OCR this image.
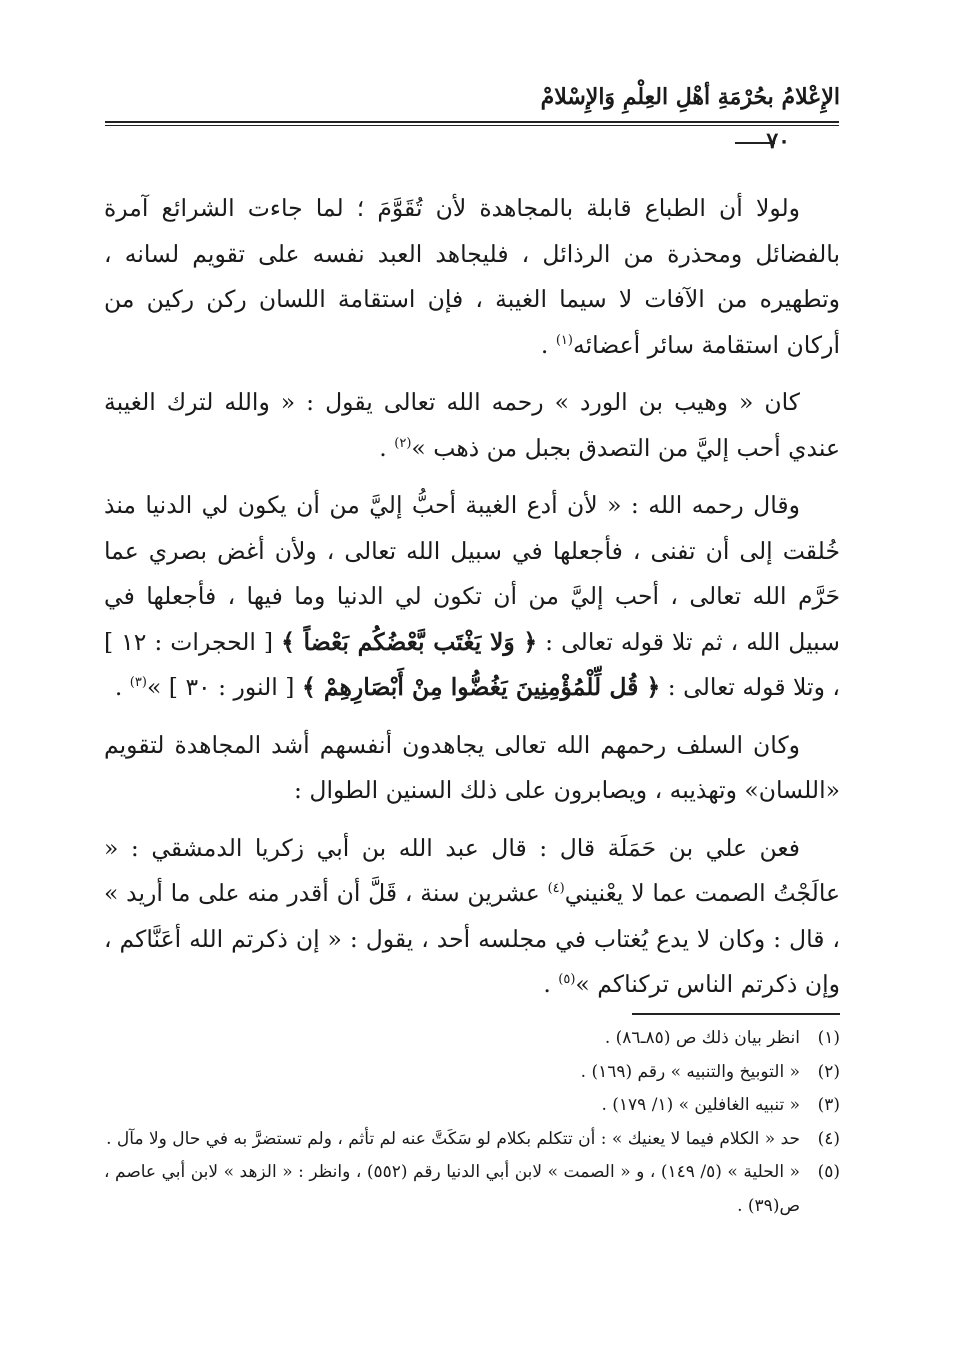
الإِعْلامُ بحُرْمَةِ أهْلِ العِلْمِ وَالإِسْلامْ
٧٠

ولولا أن الطباع قابلة بالمجاهدة لأن تُقَوَّمَ ؛ لما جاءت الشرائع آمرة بالفضائل ومحذرة من الرذائل ، فليجاهد العبد نفسه على تقويم لسانه ، وتطهيره من الآفات لا سيما الغيبة ، فإن استقامة اللسان ركن ركين من أركان استقامة سائر أعضائه$^{(١)}$ .

كان « وهيب بن الورد » رحمه الله تعالى يقول : « والله لترك الغيبة عندي أحب إليَّ من التصدق بجبل من ذهب »$^{(٢)}$ .

وقال رحمه الله : « لأن أدع الغيبة أحبُّ إليَّ من أن يكون لي الدنيا منذ خُلقت إلى أن تفنى ، فأجعلها في سبيل الله تعالى ، ولأن أغض بصري عما حَرَّم الله تعالى ، أحب إليَّ من أن تكون لي الدنيا وما فيها ، فأجعلها في سبيل الله ، ثم تلا قوله تعالى : ﴿ وَلا يَغْتَب بَّعْضُكُم بَعْضاً ﴾ [ الحجرات : ١٢ ] ، وتلا قوله تعالى : ﴿ قُل لِّلْمُؤْمِنِينَ يَغُضُّوا مِنْ أَبْصَارِهِمْ ﴾ [ النور : ٣٠ ] »$^{(٣)}$ .

وكان السلف رحمهم الله تعالى يجاهدون أنفسهم أشد المجاهدة لتقويم «اللسان» وتهذيبه ، ويصابرون على ذلك السنين الطوال :

فعن علي بن حَمَلَة قال : قال عبد الله بن أبي زكريا الدمشقي : « عالَجْتُ الصمت عما لا يعْنيني$^{(٤)}$ عشرين سنة ، قَلَّ أن أقدر منه على ما أريد » ، قال : وكان لا يدع يُغتاب في مجلسه أحد ، يقول : « إن ذكرتم الله أعَنَّاكم ، وإن ذكرتم الناس تركناكم »$^{(٥)}$ .

(١)
انظر بيان ذلك ص (٨٥ـ٨٦) .

(٢)
« التوبيخ والتنبيه » رقم (١٦٩) .

(٣)
« تنبيه الغافلين » (١/ ١٧٩) .

(٤)
حد « الكلام فيما لا يعنيك » : أن تتكلم بكلام لو سَكَتَّ عنه لم تأثم ، ولم تستضرَّ به في حال ولا مآل .

(٥)
« الحلية » (٥/ ١٤٩) ، و « الصمت » لابن أبي الدنيا رقم (٥٥٢) ، وانظر : « الزهد » لابن أبي عاصم ، ص(٣٩) .
